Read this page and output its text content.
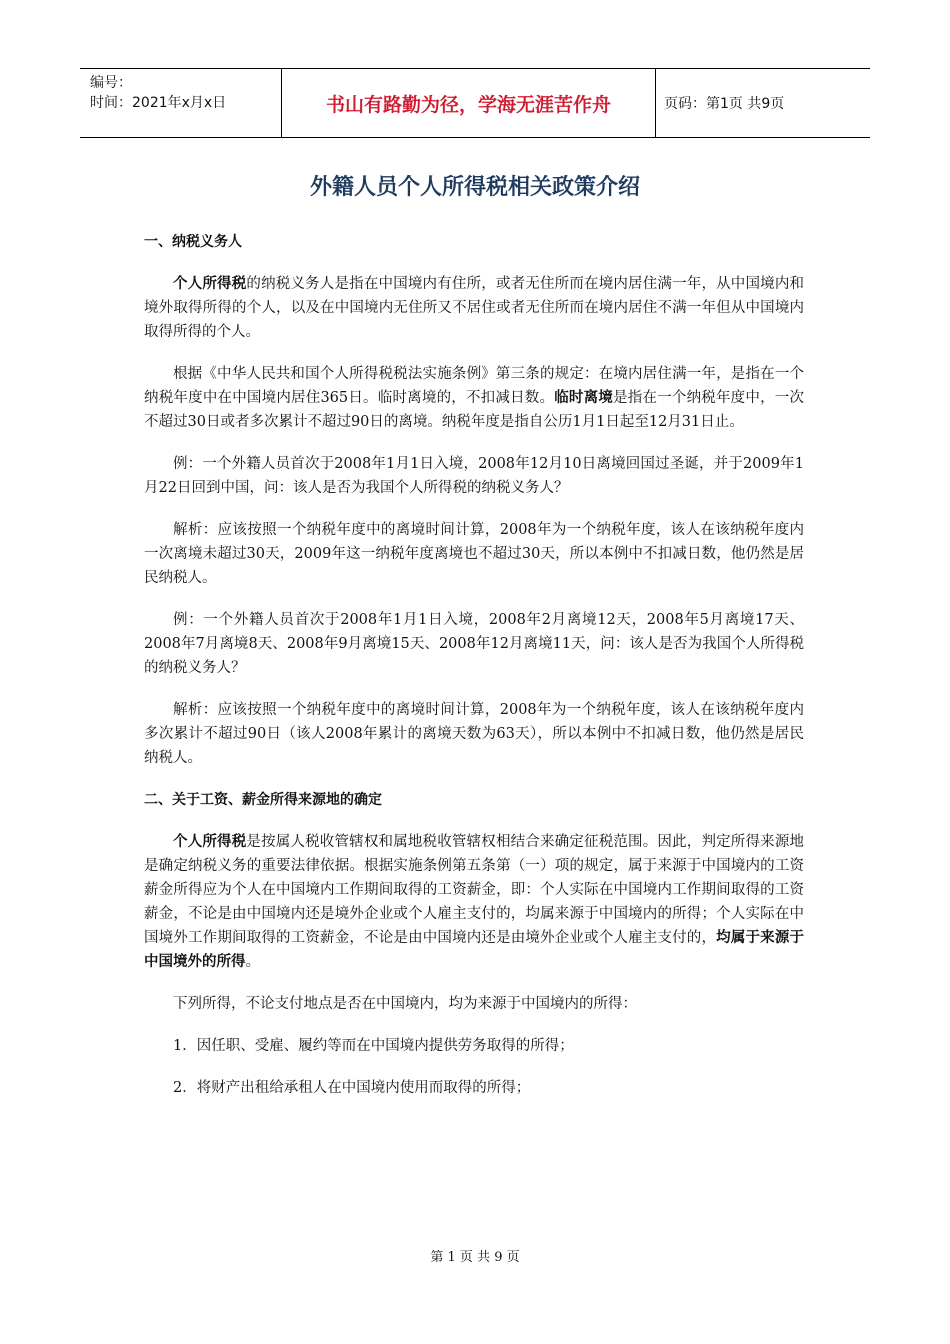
编号：
时间：2021年x月x日	书山有路勤为径，学海无涯苦作舟	页码：第1页 共9页
外籍人员个人所得税相关政策介绍
一、纳税义务人

个人所得税的纳税义务人是指在中国境内有住所，或者无住所而在境内居住满一年，从中国境内和境外取得所得的个人，以及在中国境内无住所又不居住或者无住所而在境内居住不满一年但从中国境内取得所得的个人。

根据《中华人民共和国个人所得税税法实施条例》第三条的规定：在境内居住满一年，是指在一个纳税年度中在中国境内居住365日。临时离境的，不扣减日数。临时离境是指在一个纳税年度中，一次不超过30日或者多次累计不超过90日的离境。纳税年度是指自公历1月1日起至12月31日止。

例：一个外籍人员首次于2008年1月1日入境，2008年12月10日离境回国过圣诞，并于2009年1月22日回到中国，问：该人是否为我国个人所得税的纳税义务人？

解析：应该按照一个纳税年度中的离境时间计算，2008年为一个纳税年度，该人在该纳税年度内一次离境未超过30天，2009年这一纳税年度离境也不超过30天，所以本例中不扣减日数，他仍然是居民纳税人。

例：一个外籍人员首次于2008年1月1日入境，2008年2月离境12天，2008年5月离境17天、2008年7月离境8天、2008年9月离境15天、2008年12月离境11天，问：该人是否为我国个人所得税的纳税义务人？

解析：应该按照一个纳税年度中的离境时间计算，2008年为一个纳税年度，该人在该纳税年度内多次累计不超过90日（该人2008年累计的离境天数为63天），所以本例中不扣减日数，他仍然是居民纳税人。

二、关于工资、薪金所得来源地的确定

个人所得税是按属人税收管辖权和属地税收管辖权相结合来确定征税范围。因此，判定所得来源地是确定纳税义务的重要法律依据。根据实施条例第五条第（一）项的规定，属于来源于中国境内的工资薪金所得应为个人在中国境内工作期间取得的工资薪金，即：个人实际在中国境内工作期间取得的工资薪金，不论是由中国境内还是境外企业或个人雇主支付的，均属来源于中国境内的所得；个人实际在中国境外工作期间取得的工资薪金，不论是由中国境内还是由境外企业或个人雇主支付的，均属于来源于中国境外的所得。

下列所得，不论支付地点是否在中国境内，均为来源于中国境内的所得：

1．因任职、受雇、履约等而在中国境内提供劳务取得的所得；

2．将财产出租给承租人在中国境内使用而取得的所得；

第 1 页 共 9 页
